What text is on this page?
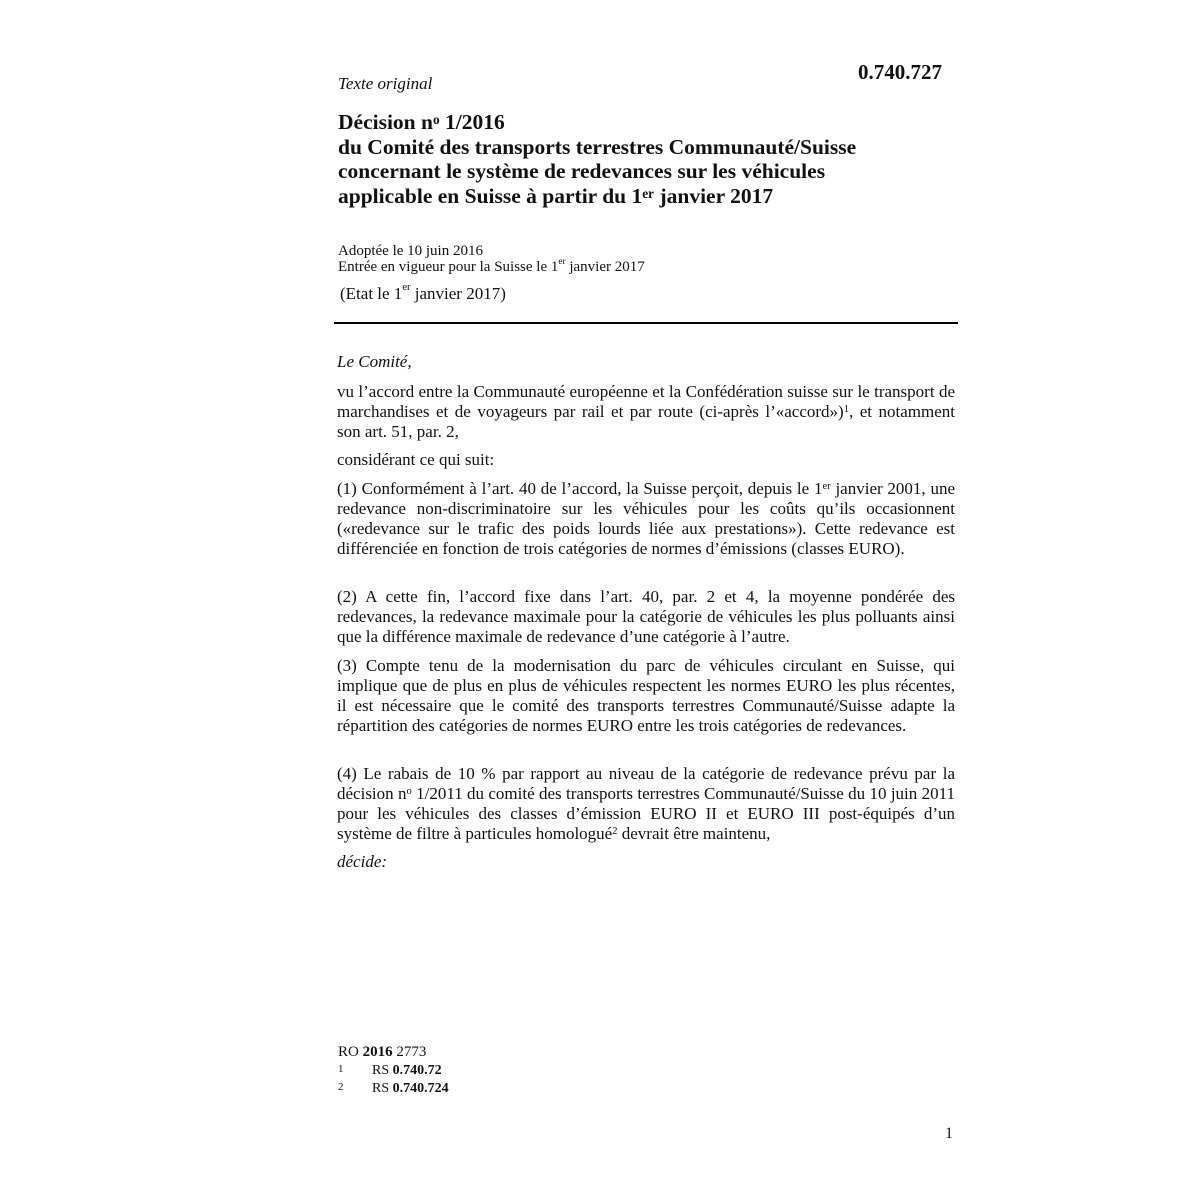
Texte original	0.740.727
Décision $n^o$ 1/2016
du Comité des transports terrestres Communauté/Suisse
concernant le système de redevances sur les véhicules
applicable en Suisse à partir du 1er janvier 2017
Adoptée le 10 juin 2016
Entrée en vigueur pour la Suisse le 1er janvier 2017
(Etat le 1er janvier 2017)
Le Comité,
vu l’accord entre la Communauté européenne et la Confédération suisse sur le transport de marchandises et de voyageurs par rail et par route (ci-après l’«accord»)$^1$, et notamment son art. 51, par. 2,
considérant ce qui suit:
(1) Conformément à l’art. 40 de l’accord, la Suisse perçoit, depuis le 1er janvier 2001, une redevance non-discriminatoire sur les véhicules pour les coûts qu’ils occasionnent («redevance sur le trafic des poids lourds liée aux prestations»). Cette redevance est différenciée en fonction de trois catégories de normes d’émissions (classes EURO).
(2) A cette fin, l’accord fixe dans l’art. 40, par. 2 et 4, la moyenne pondérée des redevances, la redevance maximale pour la catégorie de véhicules les plus polluants ainsi que la différence maximale de redevance d’une catégorie à l’autre.
(3) Compte tenu de la modernisation du parc de véhicules circulant en Suisse, qui implique que de plus en plus de véhicules respectent les normes EURO les plus récentes, il est nécessaire que le comité des transports terrestres Communauté/Suisse adapte la répartition des catégories de normes EURO entre les trois catégories de redevances.
(4) Le rabais de 10 % par rapport au niveau de la catégorie de redevance prévu par la décision $n^o$ 1/2011 du comité des transports terrestres Communauté/Suisse du 10 juin 2011 pour les véhicules des classes d’émission EURO II et EURO III post-équipés d’un système de filtre à particules homologué$^2$ devrait être maintenu,
décide:
RO 2016 2773
1 RS 0.740.72
2 RS 0.740.724
1
